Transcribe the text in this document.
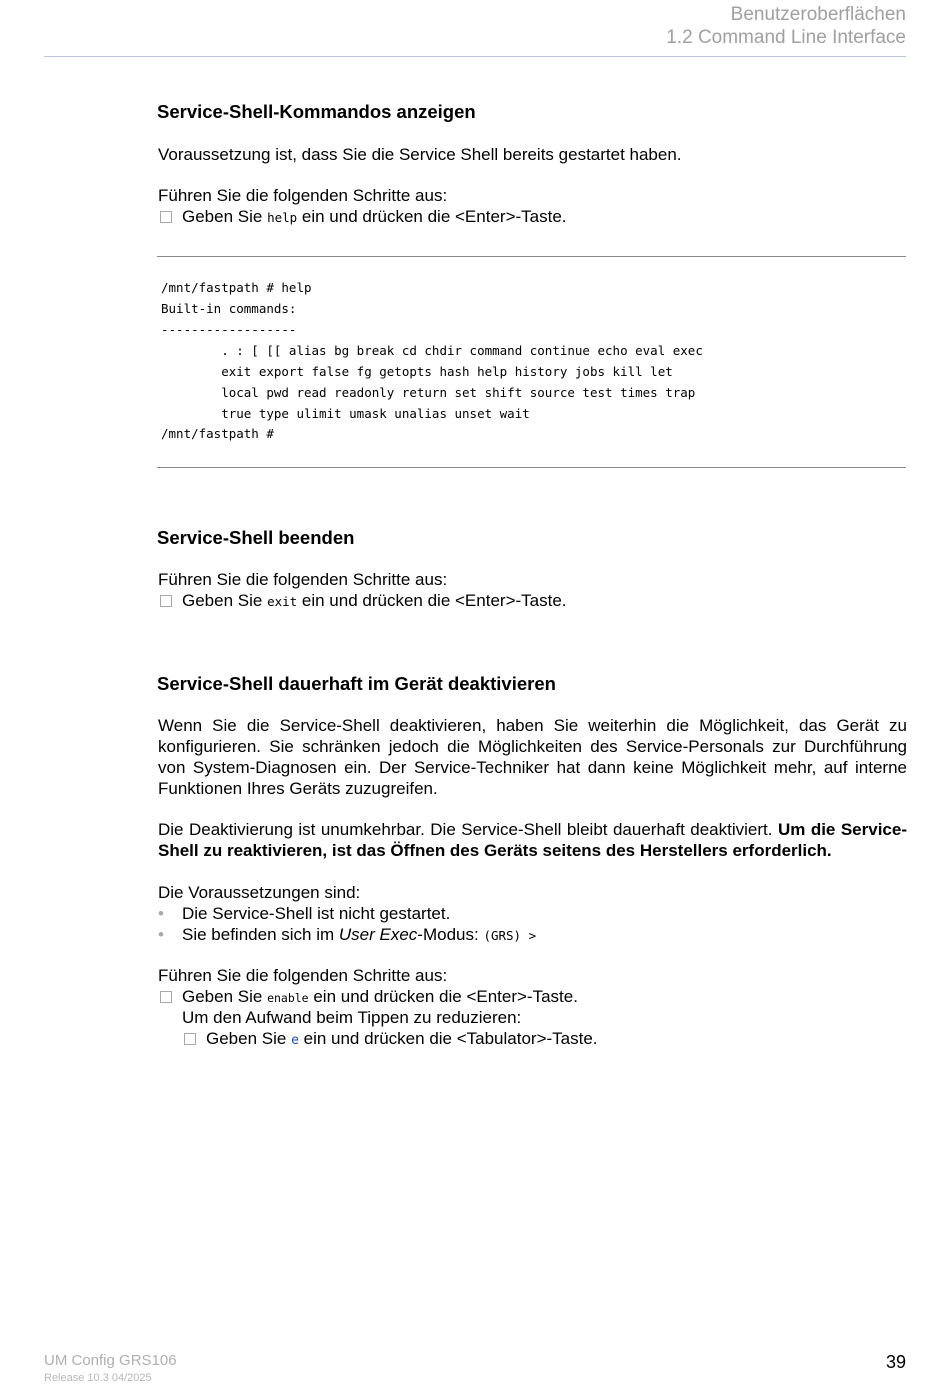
Benutzeroberflächen
1.2 Command Line Interface
Service-Shell-Kommandos anzeigen
Voraussetzung ist, dass Sie die Service Shell bereits gestartet haben.
Führen Sie die folgenden Schritte aus:
Geben Sie help ein und drücken die <Enter>-Taste.
/mnt/fastpath # help
Built-in commands:
------------------
. : [ [[ alias bg break cd chdir command continue echo eval exec
exit export false fg getopts hash help history jobs kill let
local pwd read readonly return set shift source test times trap
true type ulimit umask unalias unset wait
/mnt/fastpath #
Service-Shell beenden
Führen Sie die folgenden Schritte aus:
Geben Sie exit ein und drücken die <Enter>-Taste.
Service-Shell dauerhaft im Gerät deaktivieren
Wenn Sie die Service-Shell deaktivieren, haben Sie weiterhin die Möglichkeit, das Gerät zu konfigurieren. Sie schränken jedoch die Möglichkeiten des Service-Personals zur Durchführung von System-Diagnosen ein. Der Service-Techniker hat dann keine Möglichkeit mehr, auf interne Funktionen Ihres Geräts zuzugreifen.
Die Deaktivierung ist unumkehrbar. Die Service-Shell bleibt dauerhaft deaktiviert. Um die Service-Shell zu reaktivieren, ist das Öffnen des Geräts seitens des Herstellers erforderlich.
Die Voraussetzungen sind:
• Die Service-Shell ist nicht gestartet.
• Sie befinden sich im User Exec-Modus: (GRS) >
Führen Sie die folgenden Schritte aus:
Geben Sie enable ein und drücken die <Enter>-Taste.
Um den Aufwand beim Tippen zu reduzieren:
Geben Sie e ein und drücken die <Tabulator>-Taste.
UM Config GRS106
Release 10.3 04/2025
39
